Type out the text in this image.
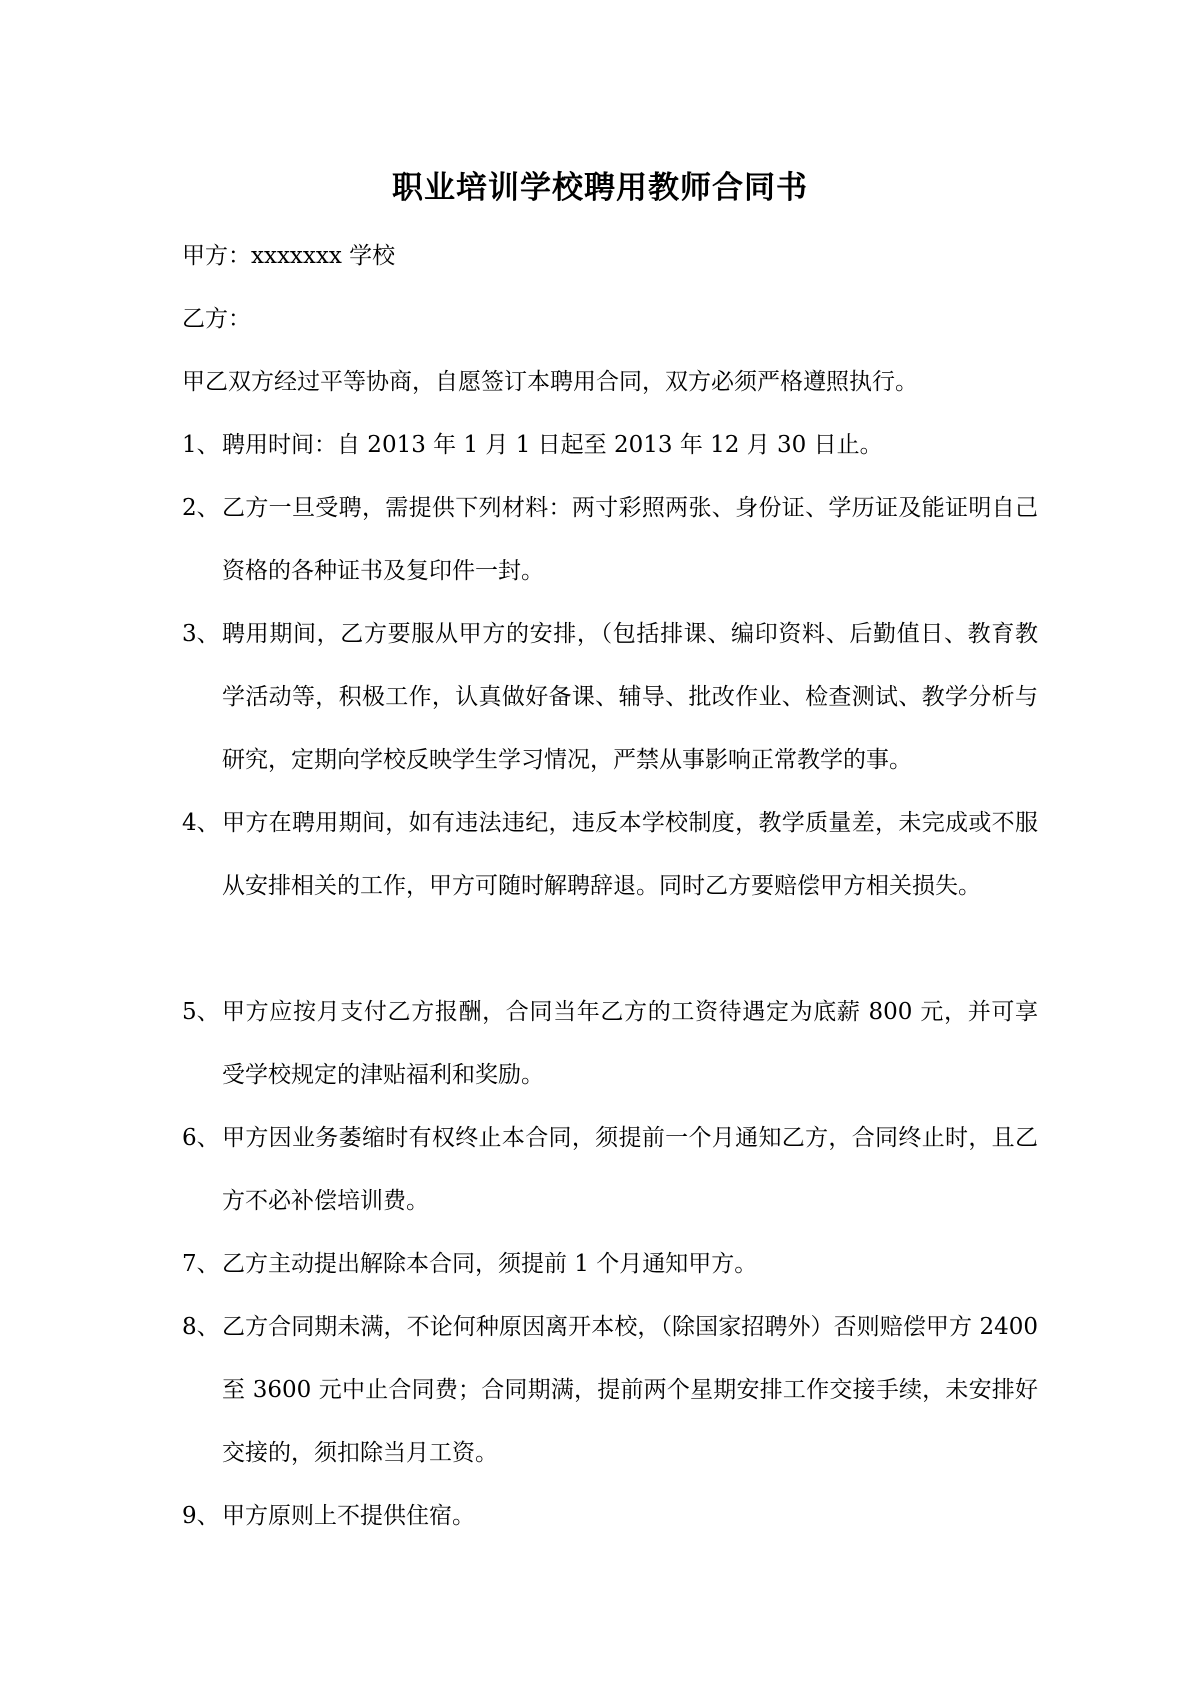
职业培训学校聘用教师合同书
甲方：xxxxxxx 学校
乙方：
甲乙双方经过平等协商，自愿签订本聘用合同，双方必须严格遵照执行。
1、 聘用时间：自 2013 年 1 月 1 日起至 2013 年 12 月 30 日止。
2、 乙方一旦受聘，需提供下列材料：两寸彩照两张、身份证、学历证及能证明自己资格的各种证书及复印件一封。
3、 聘用期间，乙方要服从甲方的安排，（包括排课、编印资料、后勤值日、教育教学活动等，积极工作，认真做好备课、辅导、批改作业、检查测试、教学分析与研究，定期向学校反映学生学习情况，严禁从事影响正常教学的事。
4、 甲方在聘用期间，如有违法违纪，违反本学校制度，教学质量差，未完成或不服从安排相关的工作，甲方可随时解聘辞退。同时乙方要赔偿甲方相关损失。
5、 甲方应按月支付乙方报酬，合同当年乙方的工资待遇定为底薪 800 元，并可享受学校规定的津贴福利和奖励。
6、 甲方因业务萎缩时有权终止本合同，须提前一个月通知乙方，合同终止时，且乙方不必补偿培训费。
7、 乙方主动提出解除本合同，须提前 1 个月通知甲方。
8、 乙方合同期未满，不论何种原因离开本校，（除国家招聘外）否则赔偿甲方 2400 至 3600 元中止合同费；合同期满，提前两个星期安排工作交接手续，未安排好交接的，须扣除当月工资。
9、 甲方原则上不提供住宿。
